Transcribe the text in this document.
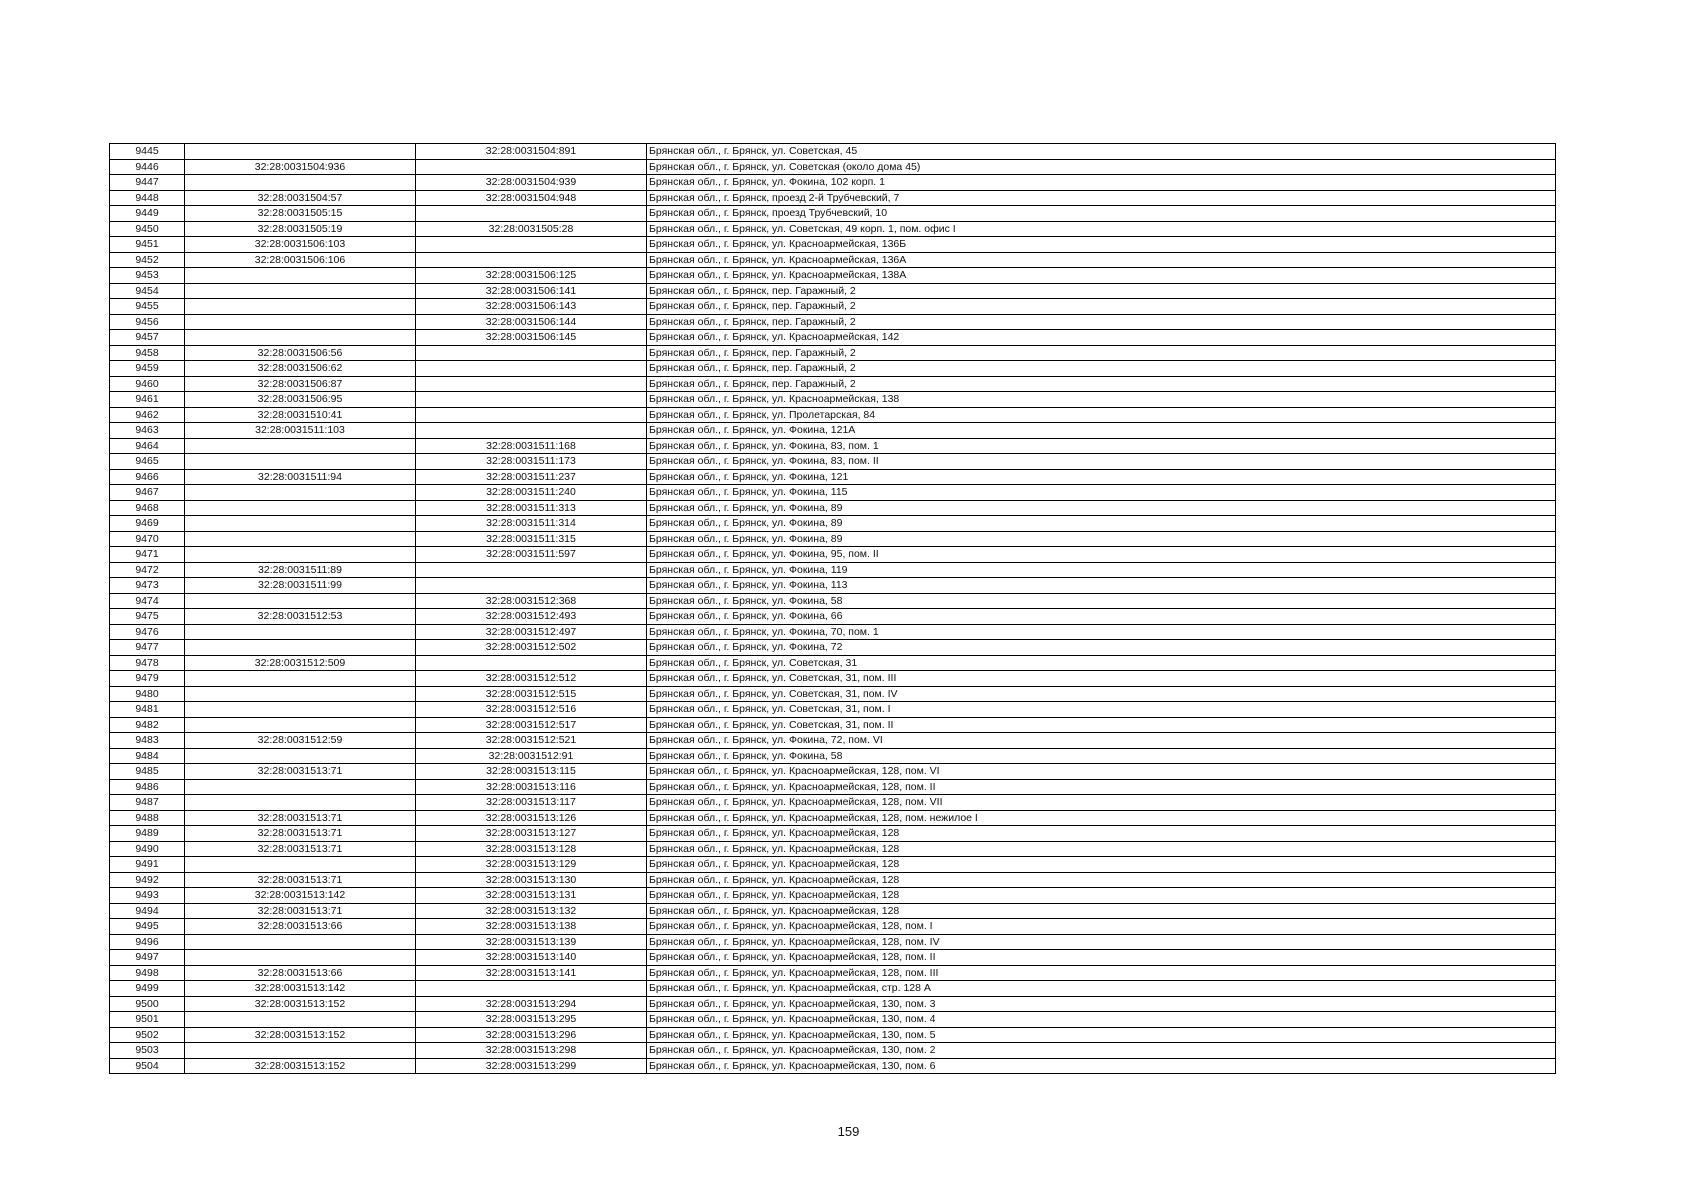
9445		32:28:0031504:891	Брянская обл., г. Брянск, ул. Советская, 45
9446	32:28:0031504:936		Брянская обл., г. Брянск, ул. Советская (около дома 45)
9447		32:28:0031504:939	Брянская обл., г. Брянск, ул. Фокина, 102 корп. 1
9448	32:28:0031504:57	32:28:0031504:948	Брянская обл., г. Брянск, проезд 2-й Трубчевский, 7
9449	32:28:0031505:15		Брянская обл., г. Брянск, проезд Трубчевский, 10
9450	32:28:0031505:19	32:28:0031505:28	Брянская обл., г. Брянск, ул. Советская, 49 корп. 1, пом. офис I
9451	32:28:0031506:103		Брянская обл., г. Брянск, ул. Красноармейская, 136Б
9452	32:28:0031506:106		Брянская обл., г. Брянск, ул. Красноармейская, 136А
9453		32:28:0031506:125	Брянская обл., г. Брянск, ул. Красноармейская, 138А
9454		32:28:0031506:141	Брянская обл., г. Брянск, пер. Гаражный, 2
9455		32:28:0031506:143	Брянская обл., г. Брянск, пер. Гаражный, 2
9456		32:28:0031506:144	Брянская обл., г. Брянск, пер. Гаражный, 2
9457		32:28:0031506:145	Брянская обл., г. Брянск, ул. Красноармейская, 142
9458	32:28:0031506:56		Брянская обл., г. Брянск, пер. Гаражный, 2
9459	32:28:0031506:62		Брянская обл., г. Брянск, пер. Гаражный, 2
9460	32:28:0031506:87		Брянская обл., г. Брянск, пер. Гаражный, 2
9461	32:28:0031506:95		Брянская обл., г. Брянск, ул. Красноармейская, 138
9462	32:28:0031510:41		Брянская обл., г. Брянск, ул. Пролетарская, 84
9463	32:28:0031511:103		Брянская обл., г. Брянск, ул. Фокина, 121А
9464		32:28:0031511:168	Брянская обл., г. Брянск, ул. Фокина, 83, пом. 1
9465		32:28:0031511:173	Брянская обл., г. Брянск, ул. Фокина, 83, пом. II
9466	32:28:0031511:94	32:28:0031511:237	Брянская обл., г. Брянск, ул. Фокина, 121
9467		32:28:0031511:240	Брянская обл., г. Брянск, ул. Фокина, 115
9468		32:28:0031511:313	Брянская обл., г. Брянск, ул. Фокина, 89
9469		32:28:0031511:314	Брянская обл., г. Брянск, ул. Фокина, 89
9470		32:28:0031511:315	Брянская обл., г. Брянск, ул. Фокина, 89
9471		32:28:0031511:597	Брянская обл., г. Брянск, ул. Фокина, 95, пом. II
9472	32:28:0031511:89		Брянская обл., г. Брянск, ул. Фокина, 119
9473	32:28:0031511:99		Брянская обл., г. Брянск, ул. Фокина, 113
9474		32:28:0031512:368	Брянская обл., г. Брянск, ул. Фокина, 58
9475	32:28:0031512:53	32:28:0031512:493	Брянская обл., г. Брянск, ул. Фокина, 66
9476		32:28:0031512:497	Брянская обл., г. Брянск, ул. Фокина, 70, пом. 1
9477		32:28:0031512:502	Брянская обл., г. Брянск, ул. Фокина, 72
9478	32:28:0031512:509		Брянская обл., г. Брянск, ул. Советская, 31
9479		32:28:0031512:512	Брянская обл., г. Брянск, ул. Советская, 31, пом. III
9480		32:28:0031512:515	Брянская обл., г. Брянск, ул. Советская, 31, пом. IV
9481		32:28:0031512:516	Брянская обл., г. Брянск, ул. Советская, 31, пом. I
9482		32:28:0031512:517	Брянская обл., г. Брянск, ул. Советская, 31, пом. II
9483	32:28:0031512:59	32:28:0031512:521	Брянская обл., г. Брянск, ул. Фокина, 72, пом. VI
9484		32:28:0031512:91	Брянская обл., г. Брянск, ул. Фокина, 58
9485	32:28:0031513:71	32:28:0031513:115	Брянская обл., г. Брянск, ул. Красноармейская, 128, пом. VI
9486		32:28:0031513:116	Брянская обл., г. Брянск, ул. Красноармейская, 128, пом. II
9487		32:28:0031513:117	Брянская обл., г. Брянск, ул. Красноармейская, 128, пом. VII
9488	32:28:0031513:71	32:28:0031513:126	Брянская обл., г. Брянск, ул. Красноармейская, 128, пом. нежилое I
9489	32:28:0031513:71	32:28:0031513:127	Брянская обл., г. Брянск, ул. Красноармейская, 128
9490	32:28:0031513:71	32:28:0031513:128	Брянская обл., г. Брянск, ул. Красноармейская, 128
9491		32:28:0031513:129	Брянская обл., г. Брянск, ул. Красноармейская, 128
9492	32:28:0031513:71	32:28:0031513:130	Брянская обл., г. Брянск, ул. Красноармейская, 128
9493	32:28:0031513:142	32:28:0031513:131	Брянская обл., г. Брянск, ул. Красноармейская, 128
9494	32:28:0031513:71	32:28:0031513:132	Брянская обл., г. Брянск, ул. Красноармейская, 128
9495	32:28:0031513:66	32:28:0031513:138	Брянская обл., г. Брянск, ул. Красноармейская, 128, пом. I
9496		32:28:0031513:139	Брянская обл., г. Брянск, ул. Красноармейская, 128, пом. IV
9497		32:28:0031513:140	Брянская обл., г. Брянск, ул. Красноармейская, 128, пом. II
9498	32:28:0031513:66	32:28:0031513:141	Брянская обл., г. Брянск, ул. Красноармейская, 128, пом. III
9499	32:28:0031513:142		Брянская обл., г. Брянск, ул. Красноармейская, стр. 128 А
9500	32:28:0031513:152	32:28:0031513:294	Брянская обл., г. Брянск, ул. Красноармейская, 130, пом. 3
9501		32:28:0031513:295	Брянская обл., г. Брянск, ул. Красноармейская, 130, пом. 4
9502	32:28:0031513:152	32:28:0031513:296	Брянская обл., г. Брянск, ул. Красноармейская, 130, пом. 5
9503		32:28:0031513:298	Брянская обл., г. Брянск, ул. Красноармейская, 130, пом. 2
9504	32:28:0031513:152	32:28:0031513:299	Брянская обл., г. Брянск, ул. Красноармейская, 130, пом. 6
159
